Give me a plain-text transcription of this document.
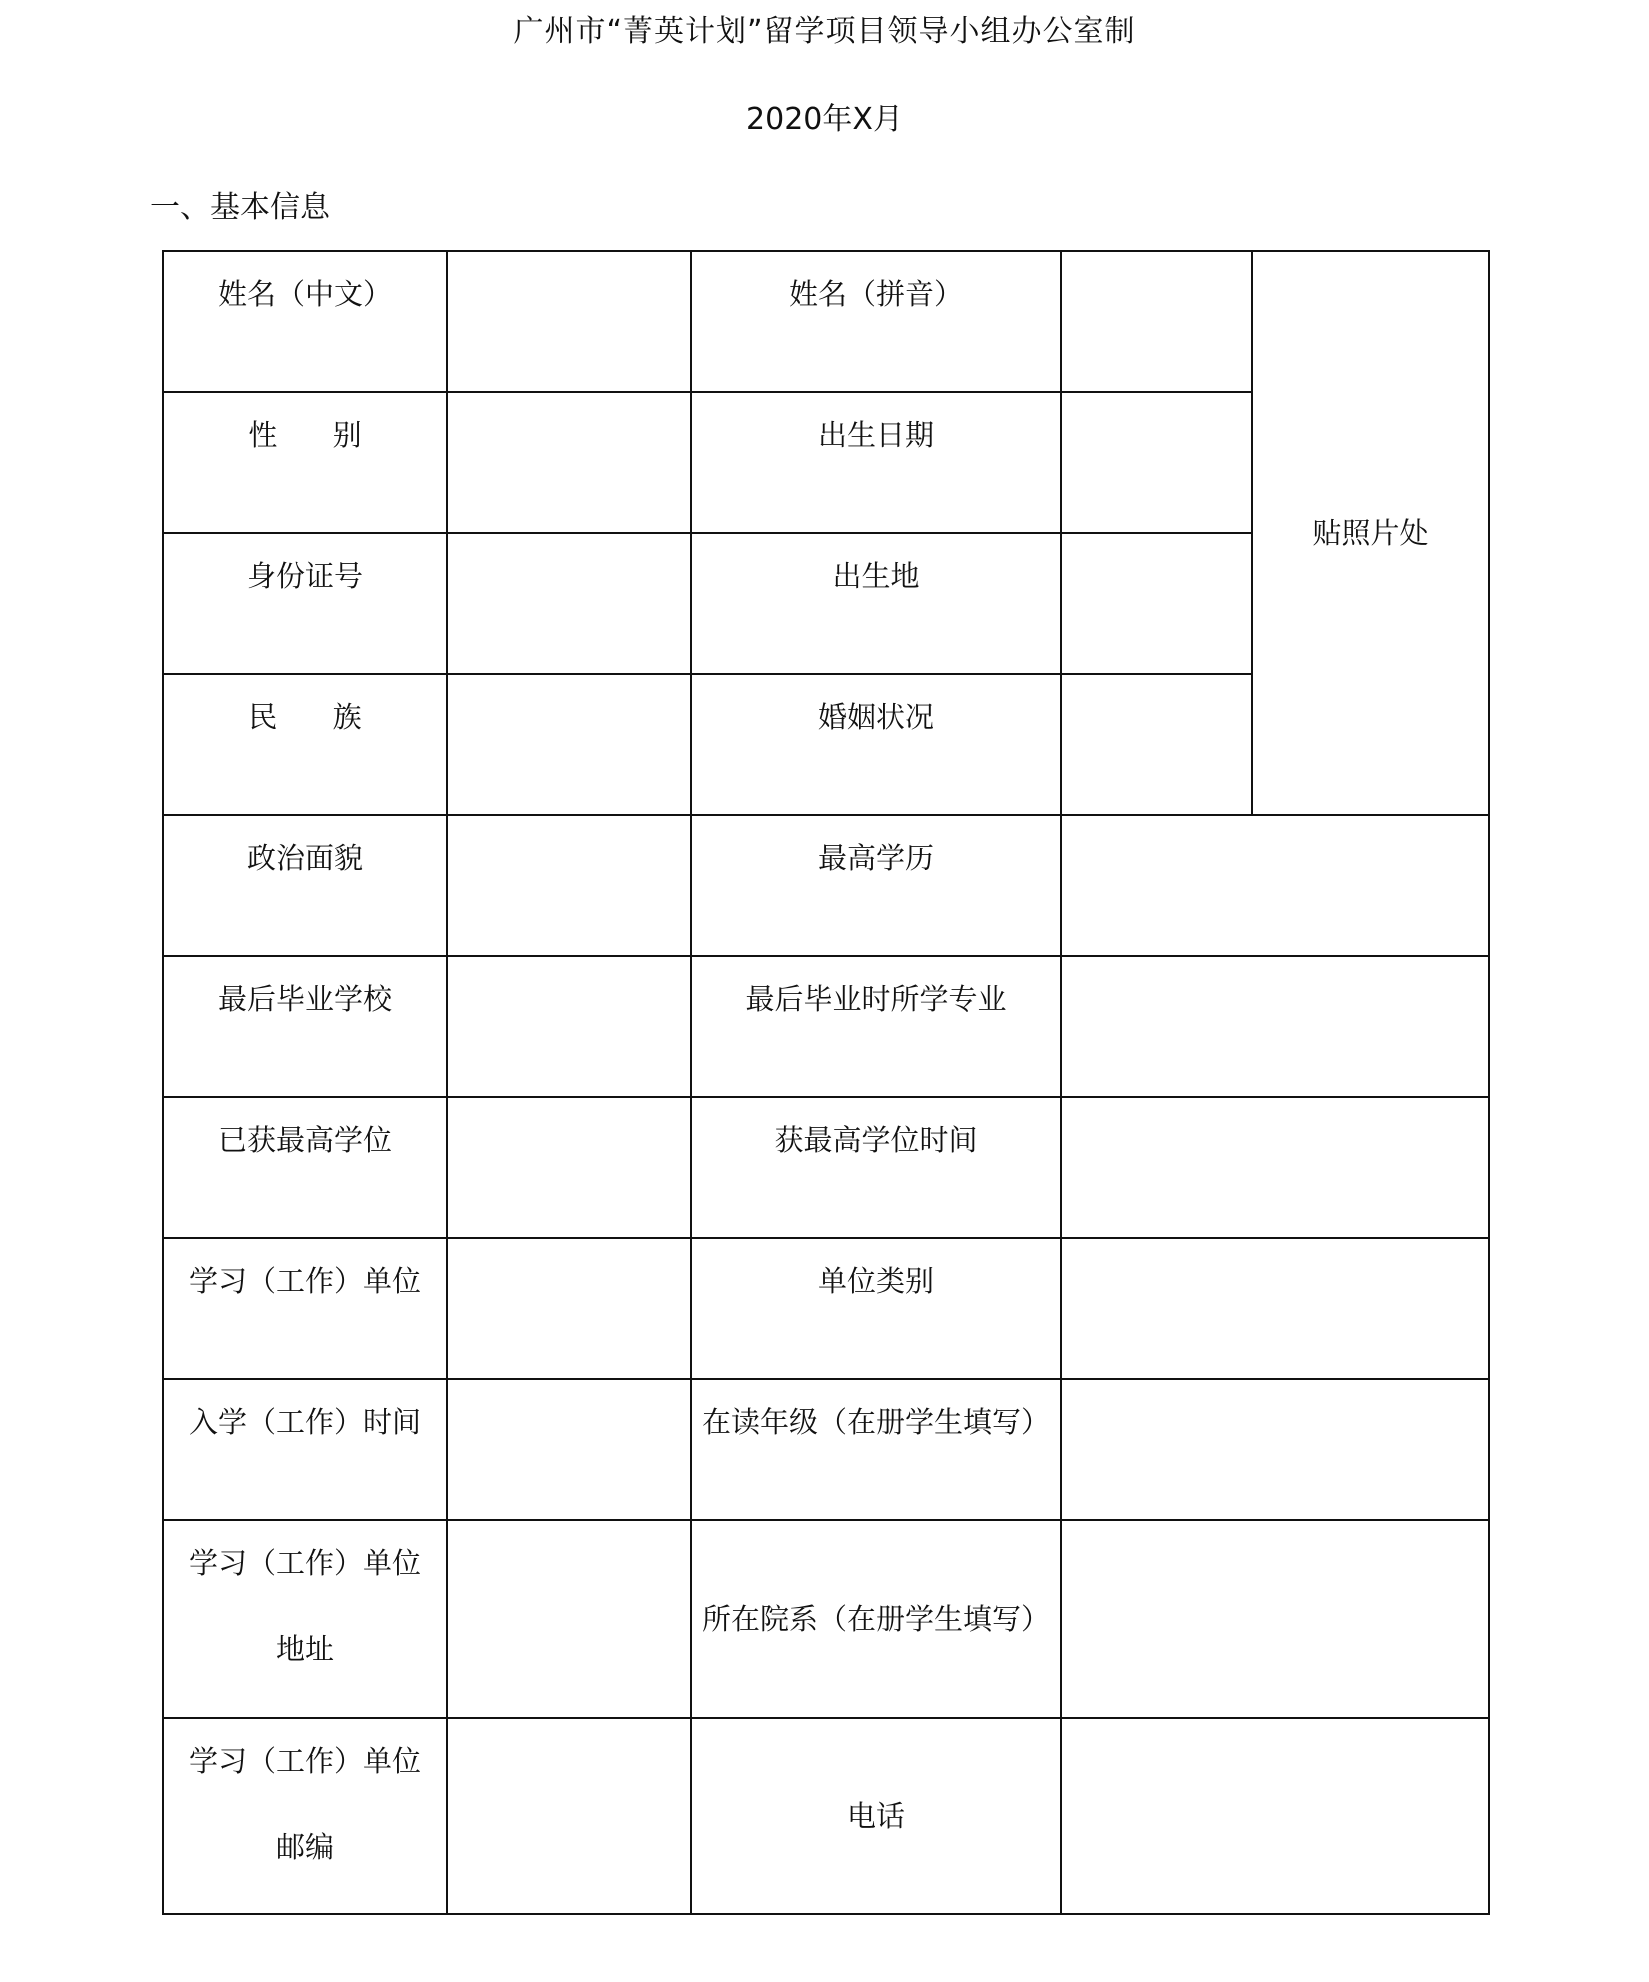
广州市“菁英计划”留学项目领导小组办公室制
2020年X月
一、基本信息
姓名（中文）		姓名（拼音）		贴照片处
性      别		出生日期		
身份证号		出生地		
民      族		婚姻状况		
政治面貌		最高学历		
最后毕业学校		最后毕业时所学专业		
已获最高学位		获最高学位时间		
学习（工作）单位		单位类别		
入学（工作）时间		在读年级（在册学生填写）		

学习（工作）单位
地址		所在院系（在册学生填写）		

学习（工作）单位
邮编		电话		
